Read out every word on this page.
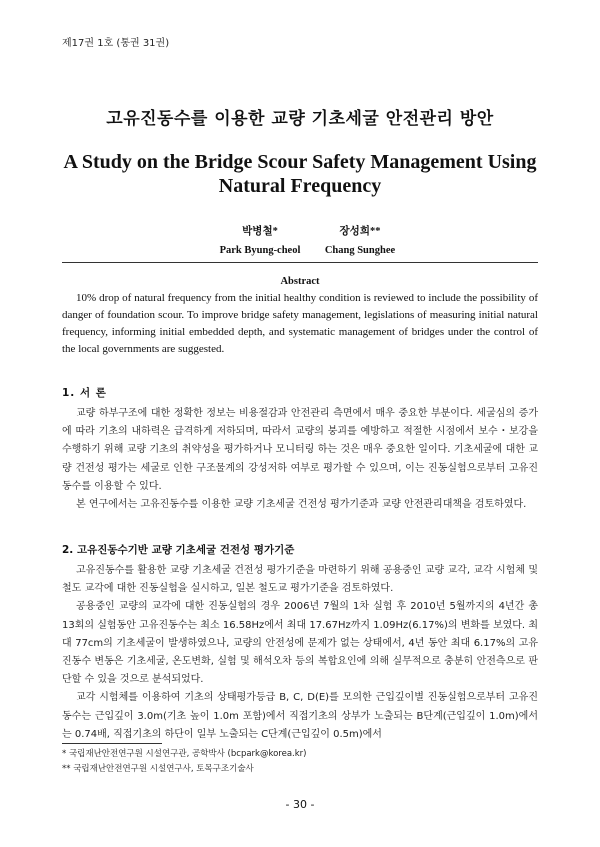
제17권 1호 (통권 31권)
고유진동수를 이용한 교량 기초세굴 안전관리 방안
A Study on the Bridge Scour Safety Management Using Natural Frequency
박병철*
Park Byung-cheol
장성희**
Chang Sunghee
Abstract

10% drop of natural frequency from the initial healthy condition is reviewed to include the possibility of danger of foundation scour. To improve bridge safety management, legislations of measuring initial natural frequency, informing initial embedded depth, and systematic management of bridges under the control of the local governments are suggested.

1. 서 론

교량 하부구조에 대한 정확한 정보는 비용절감과 안전관리 측면에서 매우 중요한 부분이다. 세굴심의 증가에 따라 기초의 내하력은 급격하게 저하되며, 따라서 교량의 붕괴를 예방하고 적절한 시점에서 보수・보강을 수행하기 위해 교량 기초의 취약성을 평가하거나 모니터링 하는 것은 매우 중요한 일이다. 기초세굴에 대한 교량 건전성 평가는 세굴로 인한 구조물계의 강성저하 여부로 평가할 수 있으며, 이는 진동실험으로부터 고유진동수를 이용할 수 있다.

본 연구에서는 고유진동수를 이용한 교량 기초세굴 건전성 평가기준과 교량 안전관리대책을 검토하였다.

2. 고유진동수기반 교량 기초세굴 건전성 평가기준

고유진동수를 활용한 교량 기초세굴 건전성 평가기준을 마련하기 위해 공용중인 교량 교각, 교각 시험체 및 철도 교각에 대한 진동실험을 실시하고, 일본 철도교 평가기준을 검토하였다.

공용중인 교량의 교각에 대한 진동실험의 경우 2006년 7월의 1차 실험 후 2010년 5월까지의 4년간 총 13회의 실험동안 고유진동수는 최소 16.58Hz에서 최대 17.67Hz까지 1.09Hz(6.17%)의 변화를 보였다. 최대 77cm의 기초세굴이 발생하였으나, 교량의 안전성에 문제가 없는 상태에서, 4년 동안 최대 6.17%의 고유진동수 변동은 기초세굴, 온도변화, 실험 및 해석오차 등의 복합요인에 의해 실무적으로 충분히 안전측으로 판단할 수 있을 것으로 분석되었다.

교각 시험체를 이용하여 기초의 상태평가등급 B, C, D(E)를 모의한 근입깊이별 진동실험으로부터 고유진동수는 근입깊이 3.0m(기초 높이 1.0m 포함)에서 직접기초의 상부가 노출되는 B단계(근입깊이 1.0m)에서는 0.74배, 직접기초의 하단이 일부 노출되는 C단계(근입깊이 0.5m)에서

* 국립재난안전연구원 시설연구관, 공학박사 (bcpark@korea.kr)
** 국립재난안전연구원 시설연구사, 토목구조기술사
- 30 -
